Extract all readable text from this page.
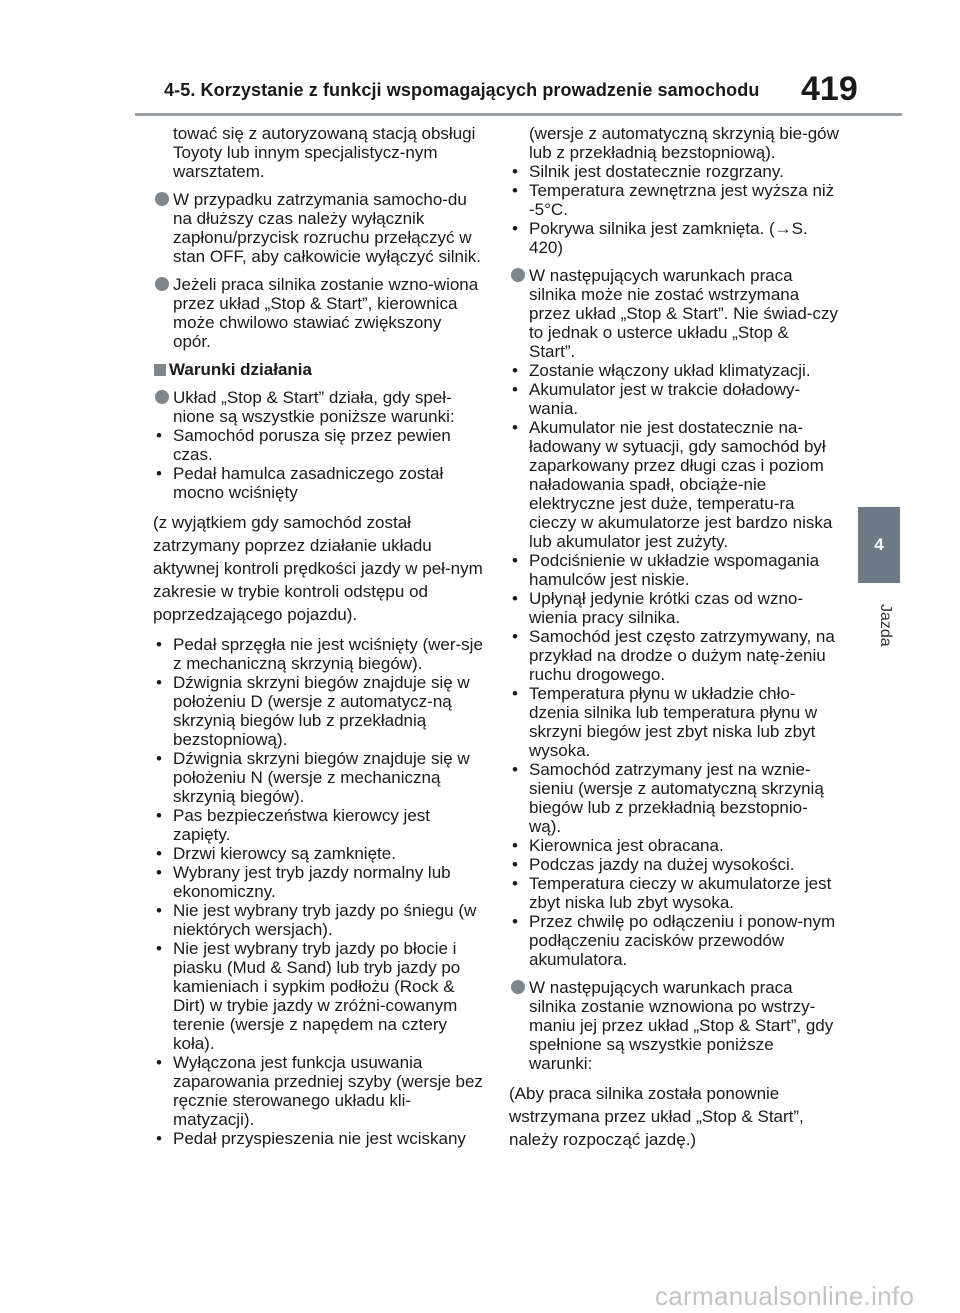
4-5. Korzystanie z funkcji wspomagających prowadzenie samochodu 419
4
Jazda
tować się z autoryzowaną stacją obsługi Toyoty lub innym specjalistycz-nym warsztatem.
W przypadku zatrzymania samocho-du na dłuższy czas należy wyłącznik zapłonu/przycisk rozruchu przełączyć w stan OFF, aby całkowicie wyłączyć silnik.
Jeżeli praca silnika zostanie wzno-wiona przez układ „Stop & Start”, kierownica może chwilowo stawiać zwiększony opór.
Warunki działania
Układ „Stop & Start” działa, gdy speł-nione są wszystkie poniższe warunki:
• Samochód porusza się przez pewien czas.
• Pedał hamulca zasadniczego został mocno wciśnięty
(z wyjątkiem gdy samochód został zatrzymany poprzez działanie układu aktywnej kontroli prędkości jazdy w peł-nym zakresie w trybie kontroli odstępu od poprzedzającego pojazdu).
• Pedał sprzęgła nie jest wciśnięty (wer-sje z mechaniczną skrzynią biegów).
• Dźwignia skrzyni biegów znajduje się w położeniu D (wersje z automatycz-ną skrzynią biegów lub z przekładnią bezstopniową).
• Dźwignia skrzyni biegów znajduje się w położeniu N (wersje z mechaniczną skrzynią biegów).
• Pas bezpieczeństwa kierowcy jest zapięty.
• Drzwi kierowcy są zamknięte.
• Wybrany jest tryb jazdy normalny lub ekonomiczny.
• Nie jest wybrany tryb jazdy po śniegu (w niektórych wersjach).
• Nie jest wybrany tryb jazdy po błocie i piasku (Mud & Sand) lub tryb jazdy po kamieniach i sypkim podłożu (Rock & Dirt) w trybie jazdy w zróżni-cowanym terenie (wersje z napędem na cztery koła).
• Wyłączona jest funkcja usuwania zaparowania przedniej szyby (wersje bez ręcznie sterowanego układu kli-matyzacji).
• Pedał przyspieszenia nie jest wciskany
(wersje z automatyczną skrzynią bie-gów lub z przekładnią bezstopniową).
• Silnik jest dostatecznie rozgrzany.
• Temperatura zewnętrzna jest wyższa niż -5°C.
• Pokrywa silnika jest zamknięta. (→S. 420)
W następujących warunkach praca silnika może nie zostać wstrzymana przez układ „Stop & Start”. Nie świad-czy to jednak o usterce układu „Stop & Start”.
• Zostanie włączony układ klimatyzacji.
• Akumulator jest w trakcie doładowy-wania.
• Akumulator nie jest dostatecznie na-ładowany w sytuacji, gdy samochód był zaparkowany przez długi czas i poziom naładowania spadł, obciąże-nie elektryczne jest duże, temperatu-ra cieczy w akumulatorze jest bardzo niska lub akumulator jest zużyty.
• Podciśnienie w układzie wspomagania hamulców jest niskie.
• Upłynął jedynie krótki czas od wzno-wienia pracy silnika.
• Samochód jest często zatrzymywany, na przykład na drodze o dużym natę-żeniu ruchu drogowego.
• Temperatura płynu w układzie chło-dzenia silnika lub temperatura płynu w skrzyni biegów jest zbyt niska lub zbyt wysoka.
• Samochód zatrzymany jest na wznie-sieniu (wersje z automatyczną skrzynią biegów lub z przekładnią bezstopnio-wą).
• Kierownica jest obracana.
• Podczas jazdy na dużej wysokości.
• Temperatura cieczy w akumulatorze jest zbyt niska lub zbyt wysoka.
• Przez chwilę po odłączeniu i ponow-nym podłączeniu zacisków przewodów akumulatora.
W następujących warunkach praca silnika zostanie wznowiona po wstrzy-maniu jej przez układ „Stop & Start”, gdy spełnione są wszystkie poniższe warunki:
(Aby praca silnika została ponownie wstrzymana przez układ „Stop & Start”, należy rozpocząć jazdę.)
carmanualsonline.info
